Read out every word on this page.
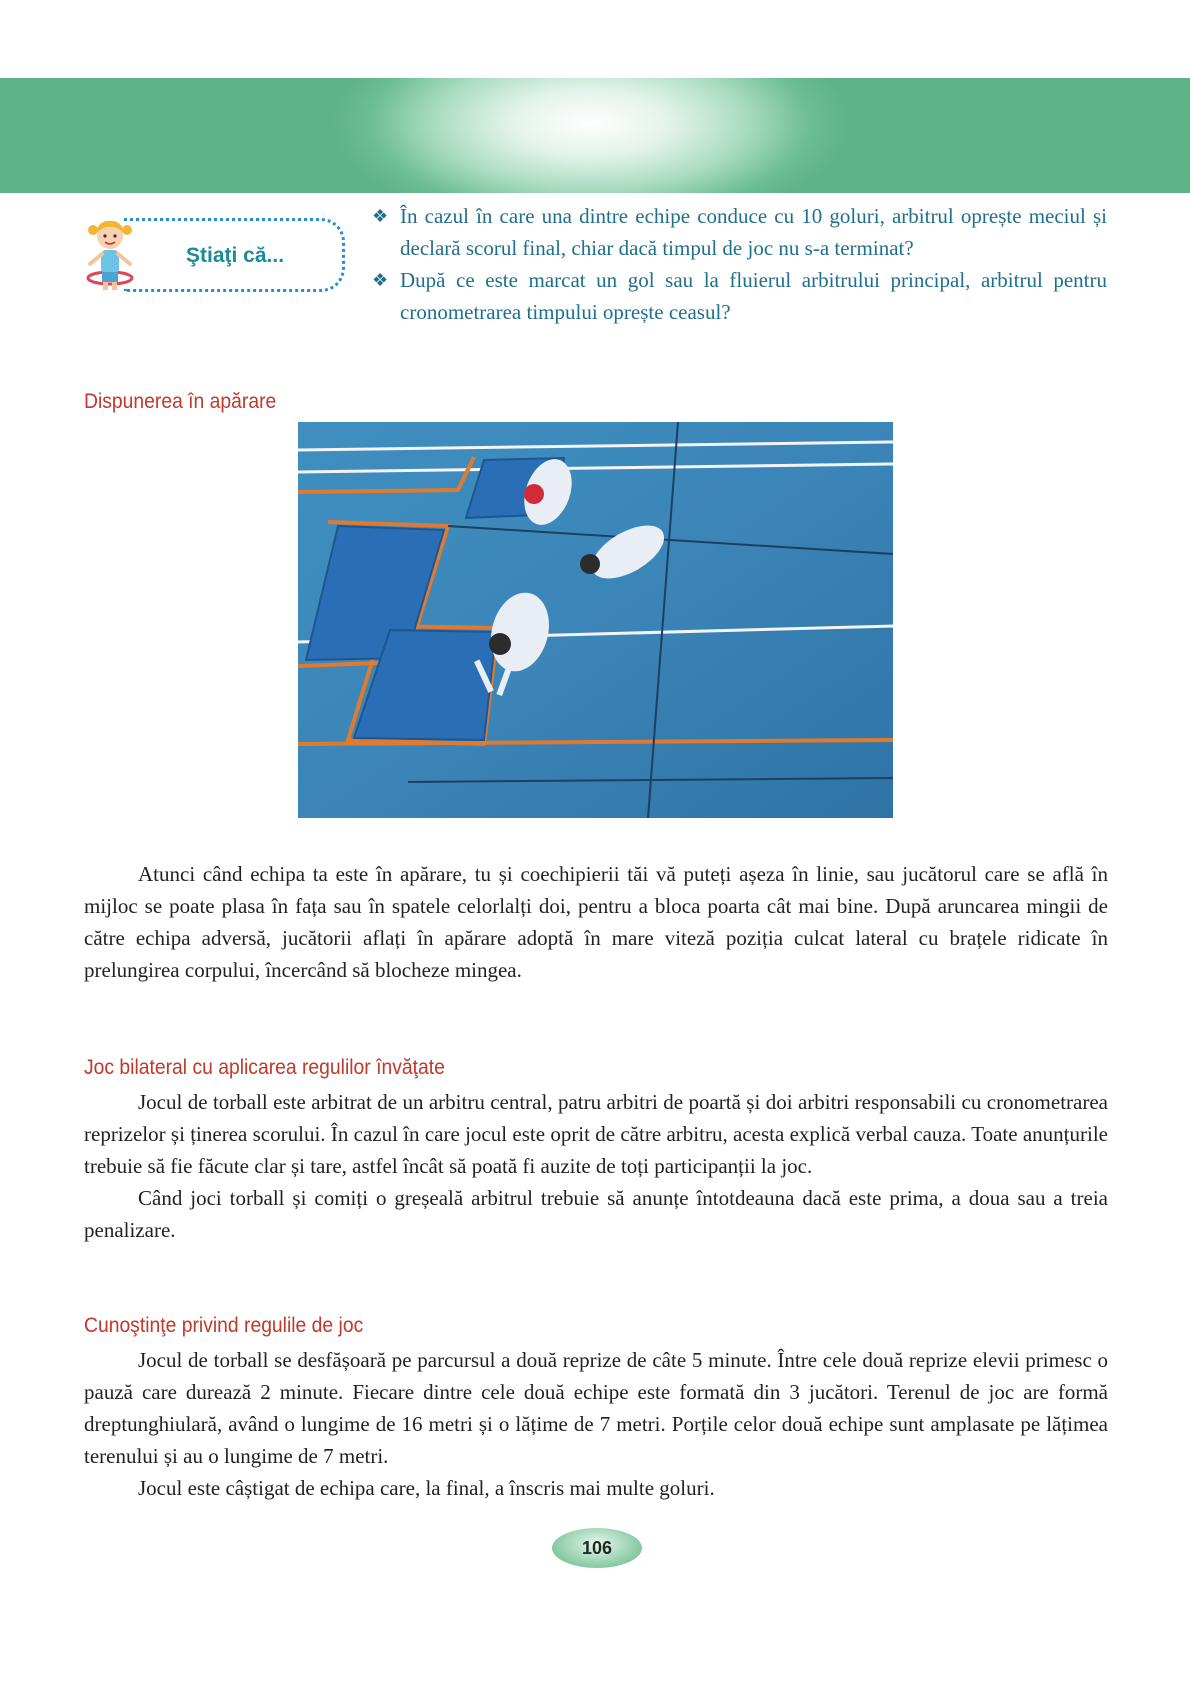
Ştiaţi că...
❖ În cazul în care una dintre echipe conduce cu 10 goluri, arbitrul oprește meciul și declară scorul final, chiar dacă timpul de joc nu s-a terminat?
❖ După ce este marcat un gol sau la fluierul arbitrului principal, arbitrul pentru cronometrarea timpului oprește ceasul?
Dispunerea în apărare

Atunci când echipa ta este în apărare, tu și coechipierii tăi vă puteți așeza în linie, sau jucătorul care se află în mijloc se poate plasa în fața sau în spatele celorlalți doi, pentru a bloca poarta cât mai bine. După aruncarea mingii de către echipa adversă, jucătorii aflați în apărare adoptă în mare viteză poziția culcat lateral cu brațele ridicate în prelungirea corpului, încercând să blocheze mingea.

Joc bilateral cu aplicarea regulilor învăţate

Jocul de torball este arbitrat de un arbitru central, patru arbitri de poartă și doi arbitri responsabili cu cronometrarea reprizelor și ținerea scorului. În cazul în care jocul este oprit de către arbitru, acesta explică verbal cauza. Toate anunțurile trebuie să fie făcute clar și tare, astfel încât să poată fi auzite de toți participanții la joc.

Când joci torball și comiți o greșeală arbitrul trebuie să anunțe întotdeauna dacă este prima, a doua sau a treia penalizare.

Cunoştinţe privind regulile de joc

Jocul de torball se desfășoară pe parcursul a două reprize de câte 5 minute. Între cele două reprize elevii primesc o pauză care durează 2 minute. Fiecare dintre cele două echipe este formată din 3 jucători. Terenul de joc are formă dreptunghiulară, având o lungime de 16 metri și o lățime de 7 metri. Porțile celor două echipe sunt amplasate pe lățimea terenului și au o lungime de 7 metri.

Jocul este câștigat de echipa care, la final, a înscris mai multe goluri.

106
